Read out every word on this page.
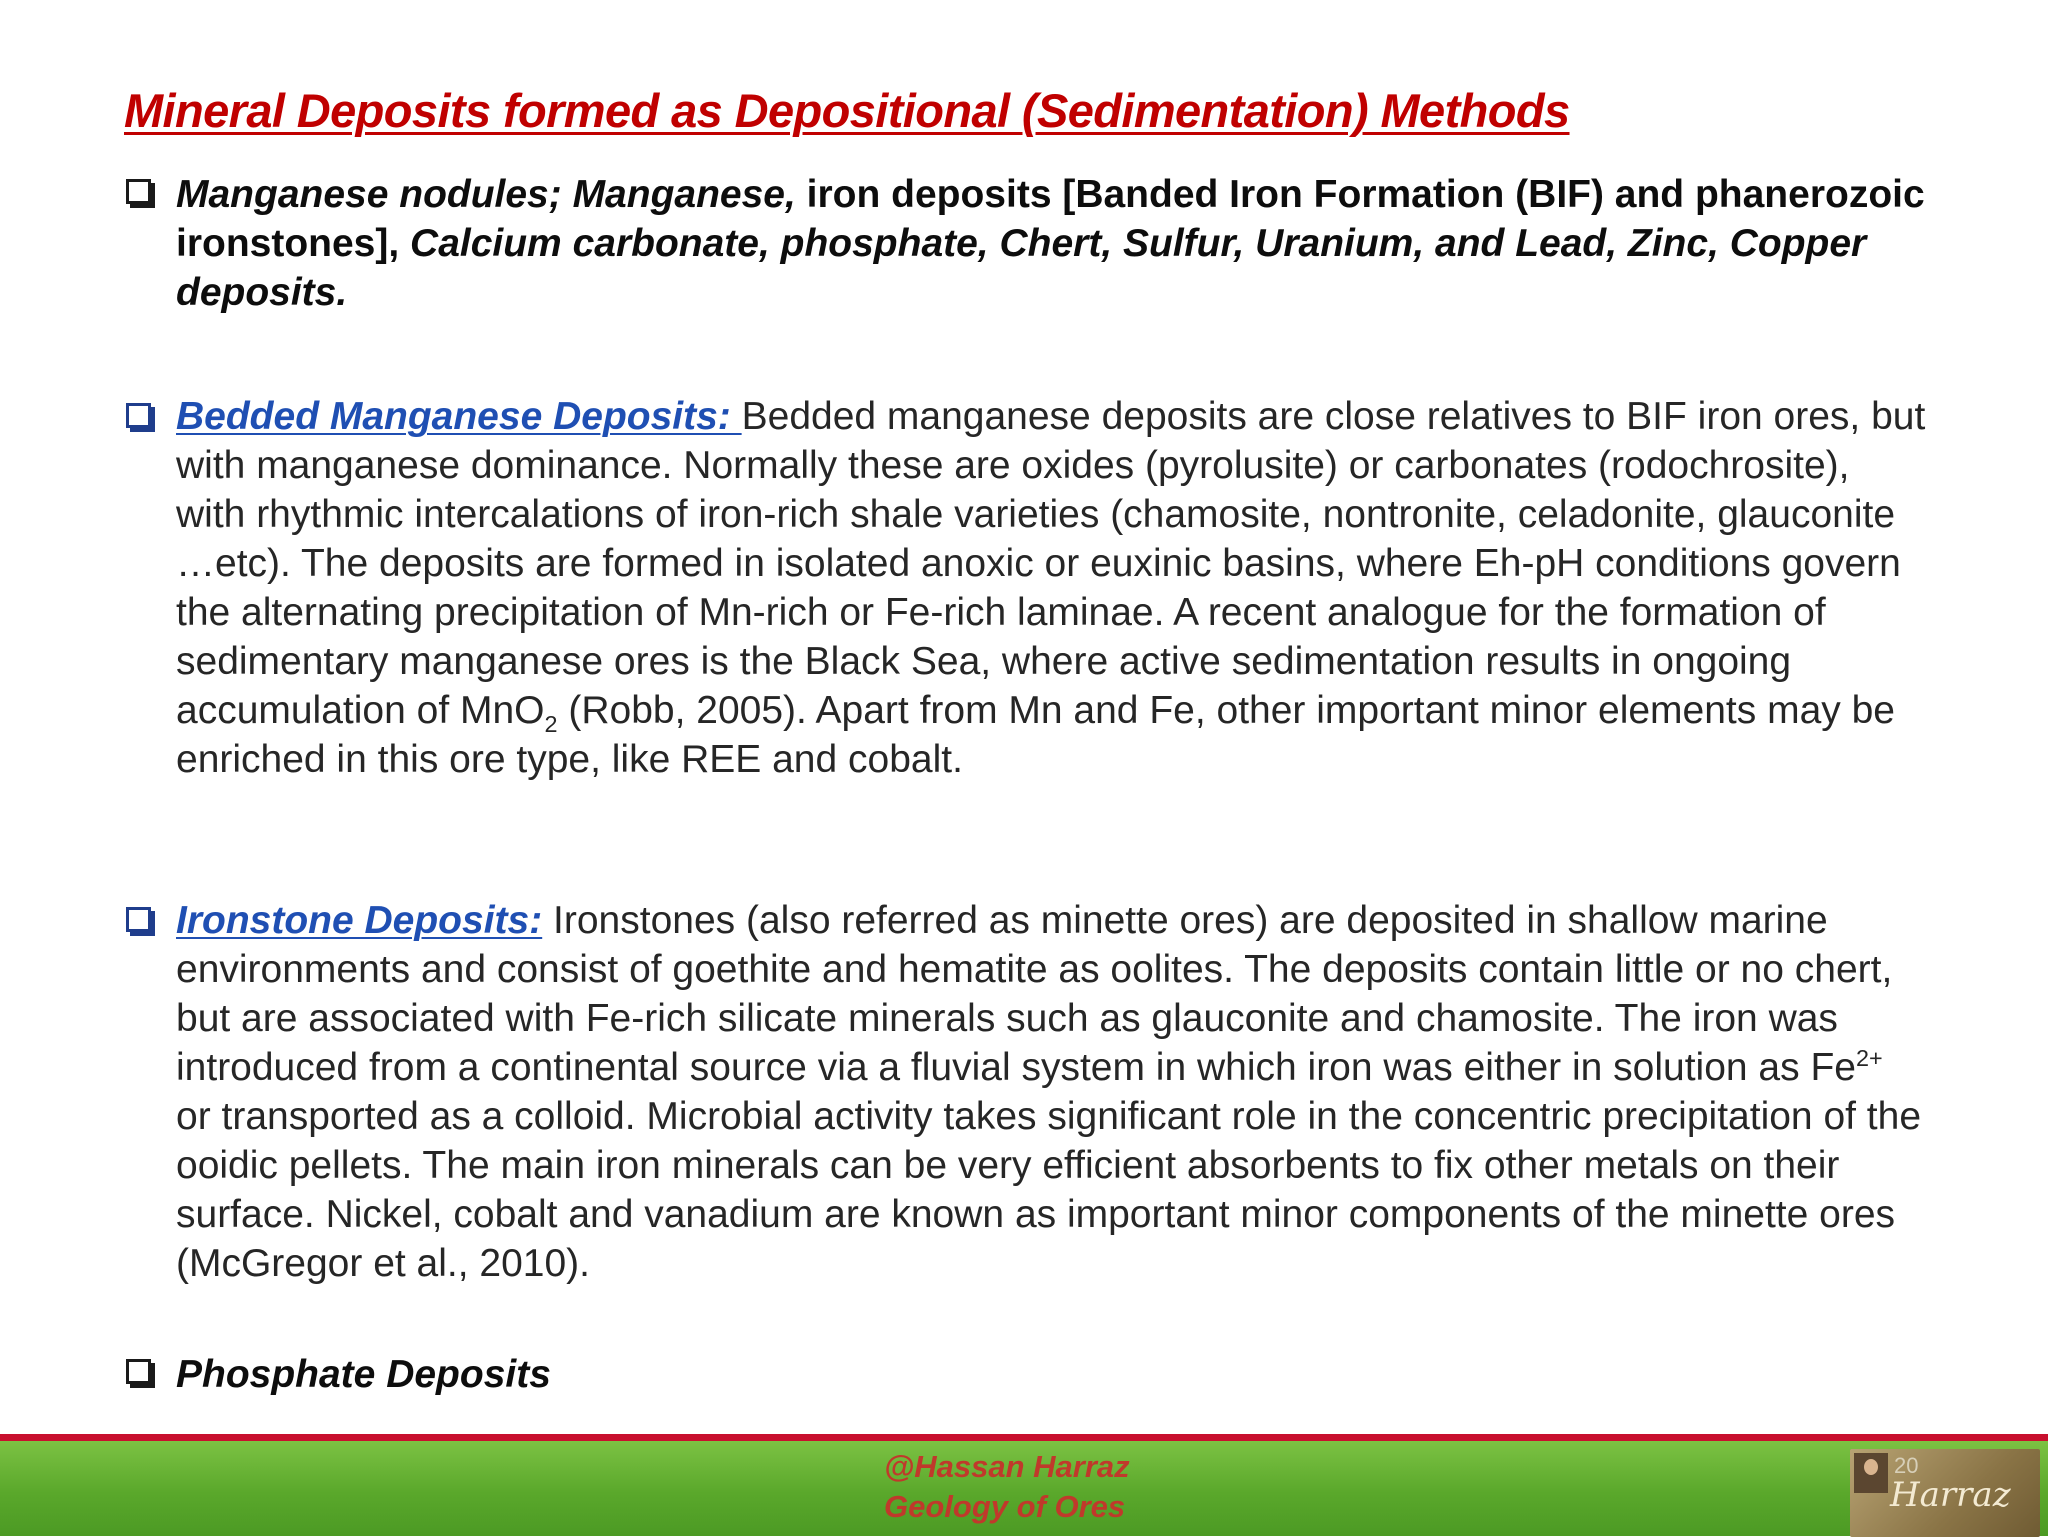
Mineral Deposits formed as Depositional (Sedimentation) Methods
Manganese nodules; Manganese, iron deposits [Banded Iron Formation (BIF) and phanerozoic ironstones], Calcium carbonate, phosphate, Chert, Sulfur, Uranium, and Lead, Zinc, Copper deposits.
Bedded Manganese Deposits: Bedded manganese deposits are close relatives to BIF iron ores, but with manganese dominance. Normally these are oxides (pyrolusite) or carbonates (rodochrosite), with rhythmic intercalations of iron-rich shale varieties (chamosite, nontronite, celadonite, glauconite …etc). The deposits are formed in isolated anoxic or euxinic basins, where Eh-pH conditions govern the alternating precipitation of Mn-rich or Fe-rich laminae. A recent analogue for the formation of sedimentary manganese ores is the Black Sea, where active sedimentation results in ongoing accumulation of MnO$_2$ (Robb, 2005). Apart from Mn and Fe, other important minor elements may be enriched in this ore type, like REE and cobalt.
Ironstone Deposits: Ironstones (also referred as minette ores) are deposited in shallow marine environments and consist of goethite and hematite as oolites. The deposits contain little or no chert, but are associated with Fe-rich silicate minerals such as glauconite and chamosite. The iron was introduced from a continental source via a fluvial system in which iron was either in solution as $Fe^{2+}$ or transported as a colloid. Microbial activity takes significant role in the concentric precipitation of the ooidic pellets. The main iron minerals can be very efficient absorbents to fix other metals on their surface. Nickel, cobalt and vanadium are known as important minor components of the minette ores (McGregor et al., 2010).
Phosphate Deposits
@Hassan Harraz
Geology of Ores	Harraz
20
